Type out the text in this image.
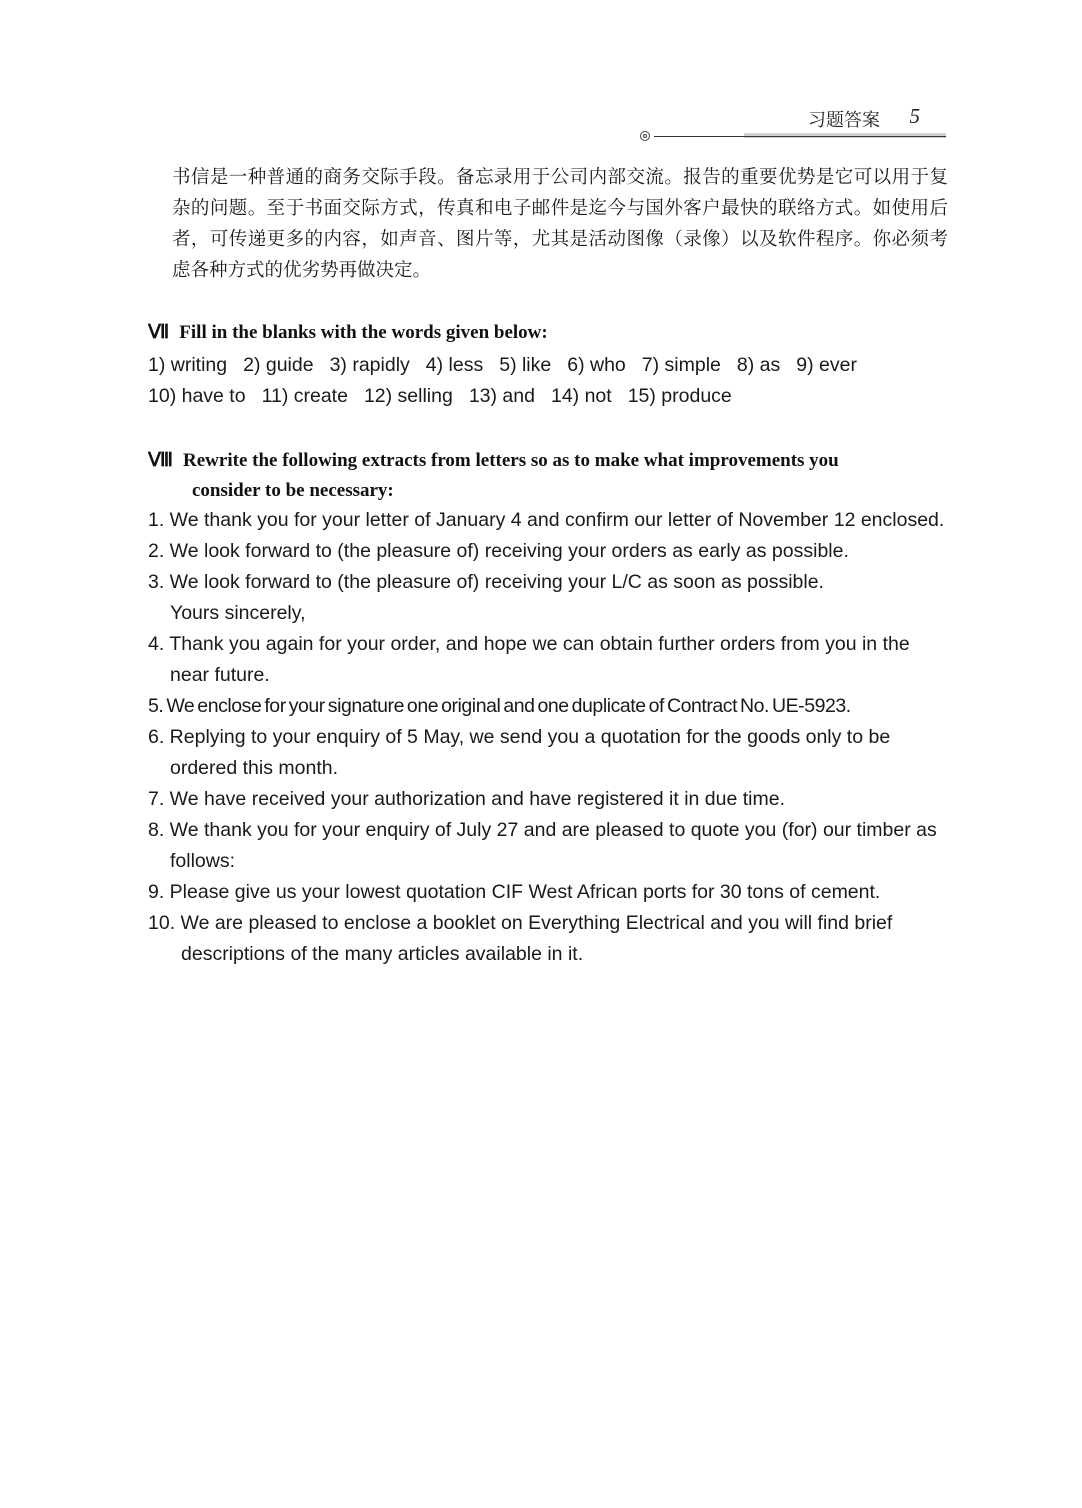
习题答案 5
书信是一种普通的商务交际手段。备忘录用于公司内部交流。报告的重要优势是它可以用于复杂的问题。至于书面交际方式，传真和电子邮件是迄今与国外客户最快的联络方式。如使用后者，可传递更多的内容，如声音、图片等，尤其是活动图像（录像）以及软件程序。你必须考虑各种方式的优劣势再做决定。
Ⅶ Fill in the blanks with the words given below:
1) writing 2) guide 3) rapidly 4) less 5) like 6) who 7) simple 8) as 9) ever
10) have to 11) create 12) selling 13) and 14) not 15) produce
Ⅷ Rewrite the following extracts from letters so as to make what improvements you
consider to be necessary:
1. We thank you for your letter of January 4 and confirm our letter of November 12 enclosed.
2. We look forward to (the pleasure of) receiving your orders as early as possible.
3. We look forward to (the pleasure of) receiving your L/C as soon as possible.
Yours sincerely,
4. Thank you again for your order, and hope we can obtain further orders from you in the near future.
5. We enclose for your signature one original and one duplicate of Contract No. UE-5923.
6. Replying to your enquiry of 5 May, we send you a quotation for the goods only to be ordered this month.
7. We have received your authorization and have registered it in due time.
8. We thank you for your enquiry of July 27 and are pleased to quote you (for) our timber as follows:
9. Please give us your lowest quotation CIF West African ports for 30 tons of cement.
10. We are pleased to enclose a booklet on Everything Electrical and you will find brief descriptions of the many articles available in it.
